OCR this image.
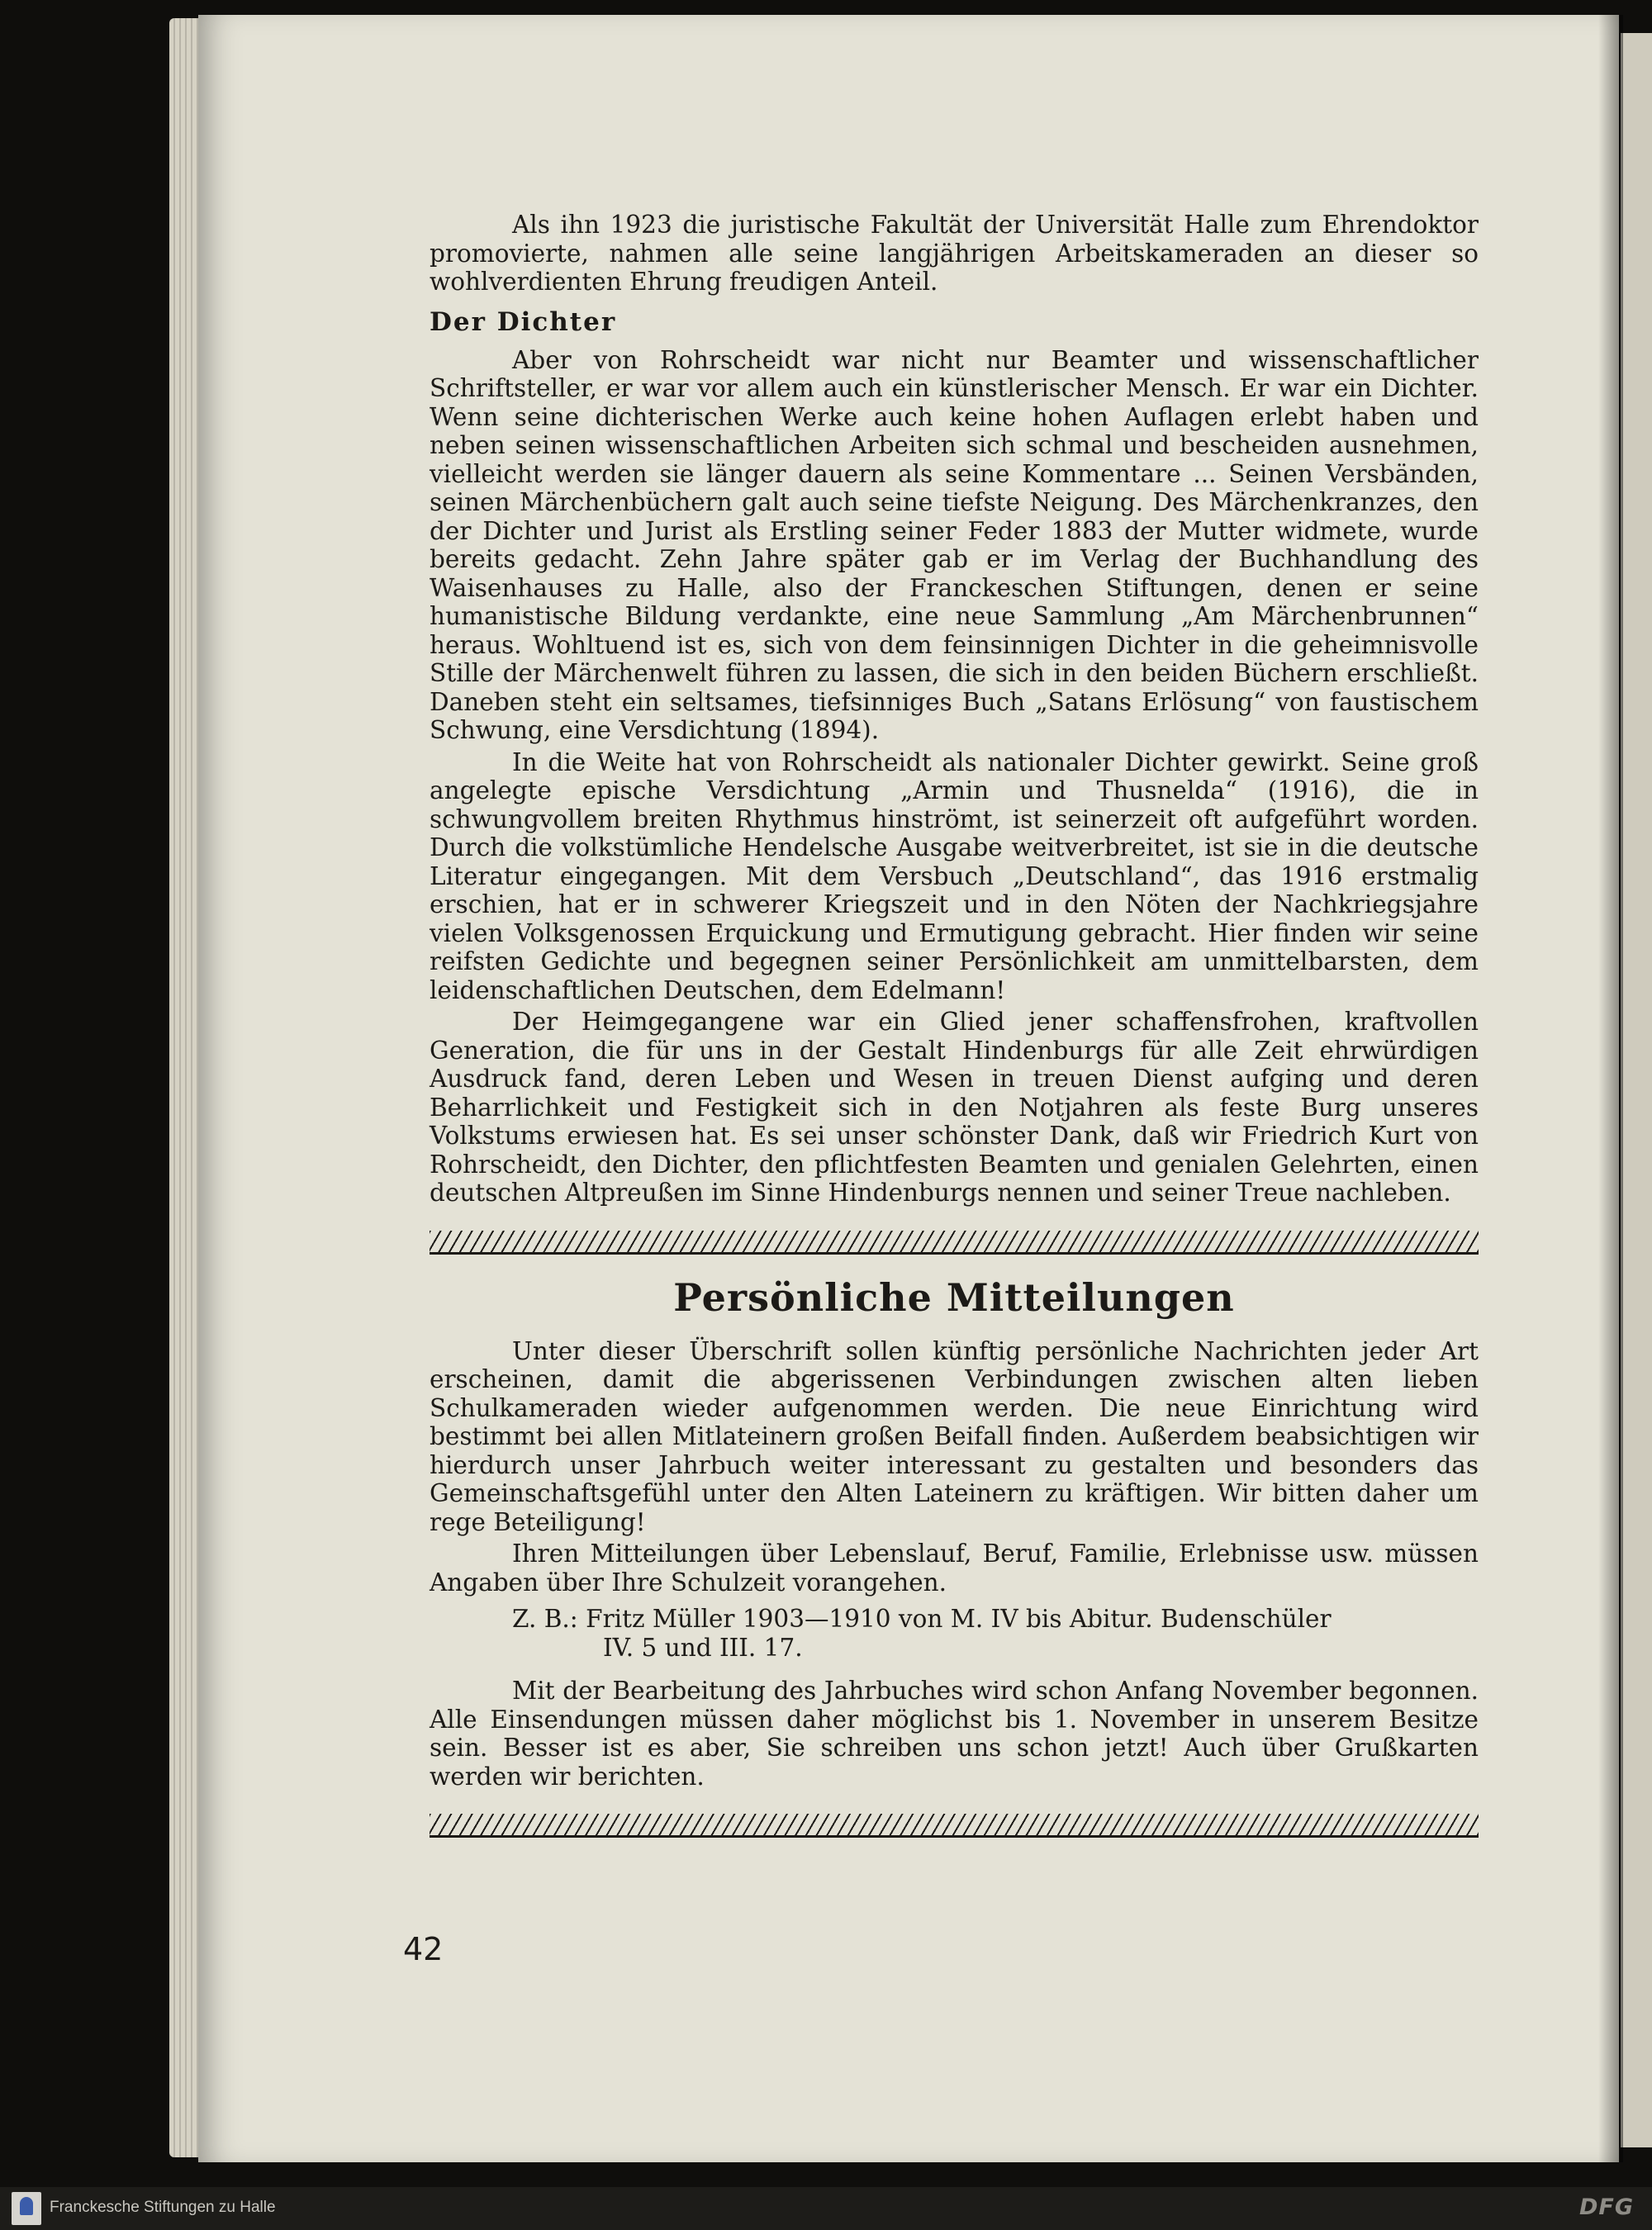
Als ihn 1923 die juristische Fakultät der Universität Halle zum Ehrendoktor promovierte, nahmen alle seine langjährigen Arbeitskameraden an dieser so wohlverdienten Ehrung freudigen Anteil.

Der Dichter

Aber von Rohrscheidt war nicht nur Beamter und wissenschaftlicher Schriftsteller, er war vor allem auch ein künstlerischer Mensch. Er war ein Dichter. Wenn seine dichterischen Werke auch keine hohen Auflagen erlebt haben und neben seinen wissenschaftlichen Arbeiten sich schmal und bescheiden ausnehmen, vielleicht werden sie länger dauern als seine Kommentare ... Seinen Versbänden, seinen Märchenbüchern galt auch seine tiefste Neigung. Des Märchenkranzes, den der Dichter und Jurist als Erstling seiner Feder 1883 der Mutter widmete, wurde bereits gedacht. Zehn Jahre später gab er im Verlag der Buchhandlung des Waisenhauses zu Halle, also der Franckeschen Stiftungen, denen er seine humanistische Bildung verdankte, eine neue Sammlung „Am Märchenbrunnen“ heraus. Wohltuend ist es, sich von dem feinsinnigen Dichter in die geheimnisvolle Stille der Märchenwelt führen zu lassen, die sich in den beiden Büchern erschließt. Daneben steht ein seltsames, tiefsinniges Buch „Satans Erlösung“ von faustischem Schwung, eine Versdichtung (1894).

In die Weite hat von Rohrscheidt als nationaler Dichter gewirkt. Seine groß angelegte epische Versdichtung „Armin und Thusnelda“ (1916), die in schwungvollem breiten Rhythmus hinströmt, ist seinerzeit oft aufgeführt worden. Durch die volkstümliche Hendelsche Ausgabe weitverbreitet, ist sie in die deutsche Literatur eingegangen. Mit dem Versbuch „Deutschland“, das 1916 erstmalig erschien, hat er in schwerer Kriegszeit und in den Nöten der Nachkriegsjahre vielen Volksgenossen Erquickung und Ermutigung gebracht. Hier finden wir seine reifsten Gedichte und begegnen seiner Persönlichkeit am unmittelbarsten, dem leidenschaftlichen Deutschen, dem Edelmann!

Der Heimgegangene war ein Glied jener schaffensfrohen, kraftvollen Generation, die für uns in der Gestalt Hindenburgs für alle Zeit ehrwürdigen Ausdruck fand, deren Leben und Wesen in treuen Dienst aufging und deren Beharrlichkeit und Festigkeit sich in den Notjahren als feste Burg unseres Volkstums erwiesen hat. Es sei unser schönster Dank, daß wir Friedrich Kurt von Rohrscheidt, den Dichter, den pflichtfesten Beamten und genialen Gelehrten, einen deutschen Altpreußen im Sinne Hindenburgs nennen und seiner Treue nachleben.

Persönliche Mitteilungen

Unter dieser Überschrift sollen künftig persönliche Nachrichten jeder Art erscheinen, damit die abgerissenen Verbindungen zwischen alten lieben Schulkameraden wieder aufgenommen werden. Die neue Einrichtung wird bestimmt bei allen Mitlateinern großen Beifall finden. Außerdem beabsichtigen wir hierdurch unser Jahrbuch weiter interessant zu gestalten und besonders das Gemeinschaftsgefühl unter den Alten Lateinern zu kräftigen. Wir bitten daher um rege Beteiligung!

Ihren Mitteilungen über Lebenslauf, Beruf, Familie, Erlebnisse usw. müssen Angaben über Ihre Schulzeit vorangehen.

Z. B.: Fritz Müller 1903—1910 von M. IV bis Abitur. Budenschüler
IV. 5 und III. 17.

Mit der Bearbeitung des Jahrbuches wird schon Anfang November begonnen. Alle Einsendungen müssen daher möglichst bis 1. November in unserem Besitze sein. Besser ist es aber, Sie schreiben uns schon jetzt! Auch über Grußkarten werden wir berichten.

42
Franckesche Stiftungen zu Halle	DFG
